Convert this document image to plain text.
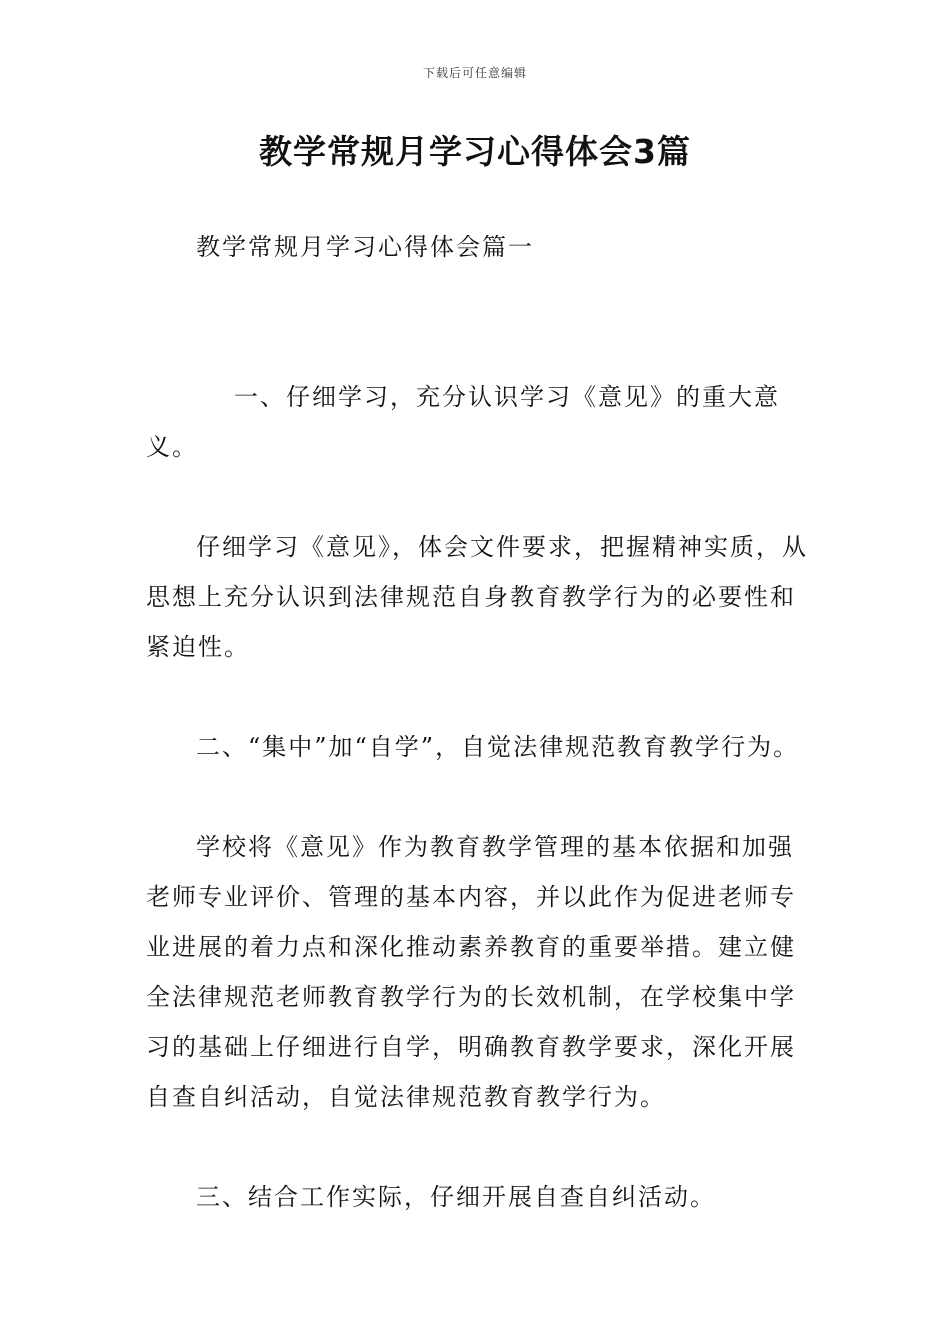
下载后可任意编辑
教学常规月学习心得体会3篇

教学常规月学习心得体会篇一

一、仔细学习，充分认识学习《意见》的重大意义。

仔细学习《意见》，体会文件要求，把握精神实质，从思想上充分认识到法律规范自身教育教学行为的必要性和紧迫性。

二、“集中”加“自学”，自觉法律规范教育教学行为。

学校将《意见》作为教育教学管理的基本依据和加强老师专业评价、管理的基本内容，并以此作为促进老师专业进展的着力点和深化推动素养教育的重要举措。建立健全法律规范老师教育教学行为的长效机制，在学校集中学习的基础上仔细进行自学，明确教育教学要求，深化开展自查自纠活动，自觉法律规范教育教学行为。

三、结合工作实际，仔细开展自查自纠活动。
